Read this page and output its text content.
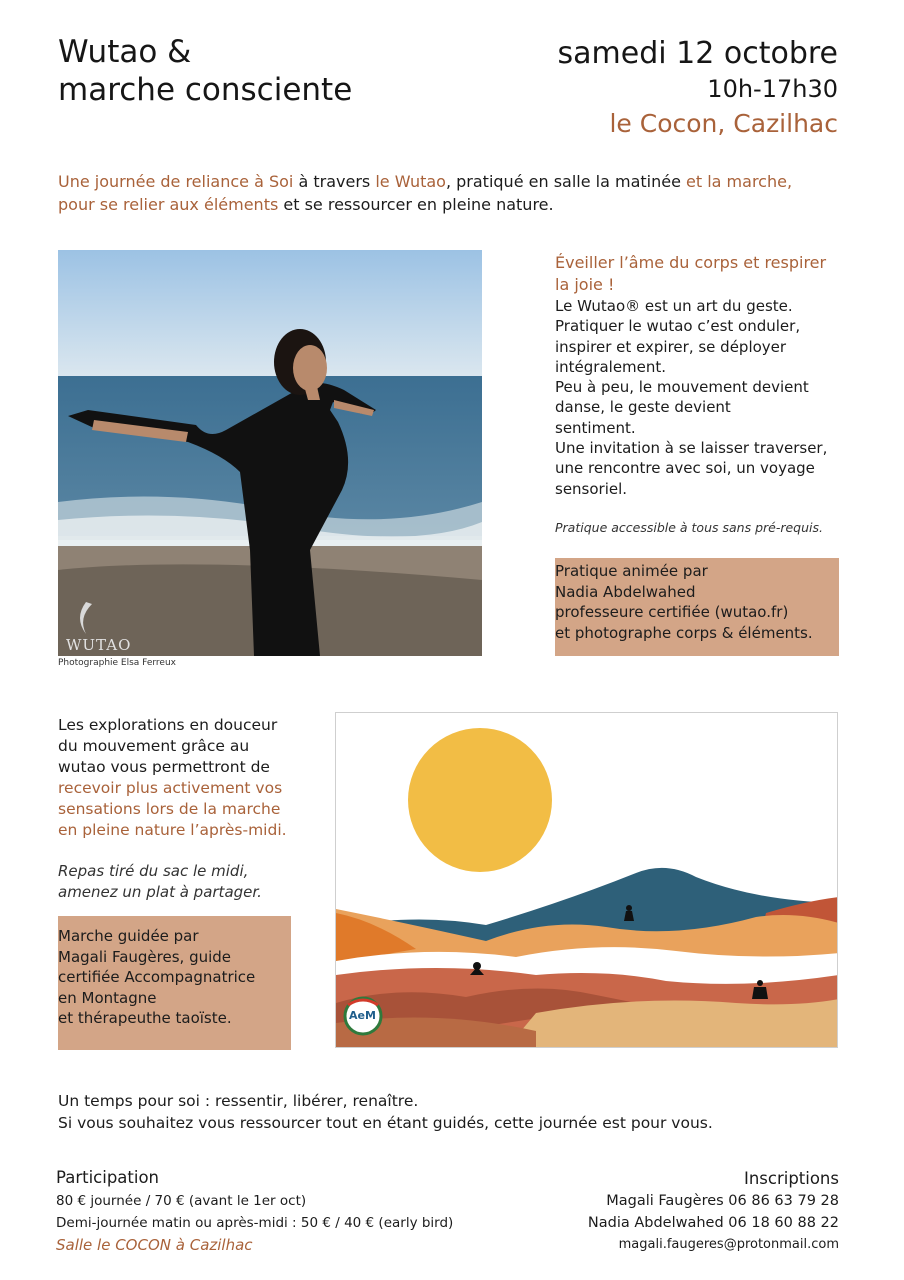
Wutao &
marche consciente
samedi 12 octobre
10h-17h30
le Cocon, Cazilhac
Une journée de reliance à Soi à travers le Wutao, pratiqué en salle la matinée et la marche,
pour se relier aux éléments et se ressourcer en pleine nature.
WUTAO
Photographie Elsa Ferreux
Éveiller l’âme du corps et respirer
la joie !
Le Wutao® est un art du geste.
Pratiquer le wutao c’est onduler,
inspirer et expirer, se déployer
intégralement.
Peu à peu, le mouvement devient
danse, le geste devient
sentiment.
Une invitation à se laisser traverser,
une rencontre avec soi, un voyage
sensoriel.
Pratique accessible à tous sans pré-requis.
Pratique animée par
Nadia Abdelwahed
professeure certifiée (wutao.fr)
et photographe corps & éléments.
Les explorations en douceur
du mouvement grâce au
wutao vous permettront de
recevoir plus activement vos
sensations lors de la marche
en pleine nature l’après-midi.
Repas tiré du sac le midi,
amenez un plat à partager.
Marche guidée par
Magali Faugères, guide
certifiée Accompagnatrice
en Montagne
et thérapeuthe taoïste.	AeM
Un temps pour soi : ressentir, libérer, renaître.
Si vous souhaitez vous ressourcer tout en étant guidés, cette journée est pour vous.
Participation
80 € journée / 70 € (avant le 1er oct)
Demi-journée matin ou après-midi : 50 € / 40 € (early bird)
Salle le COCON à Cazilhac
Inscriptions
Magali Faugères 06 86 63 79 28
Nadia Abdelwahed 06 18 60 88 22
magali.faugeres@protonmail.com
